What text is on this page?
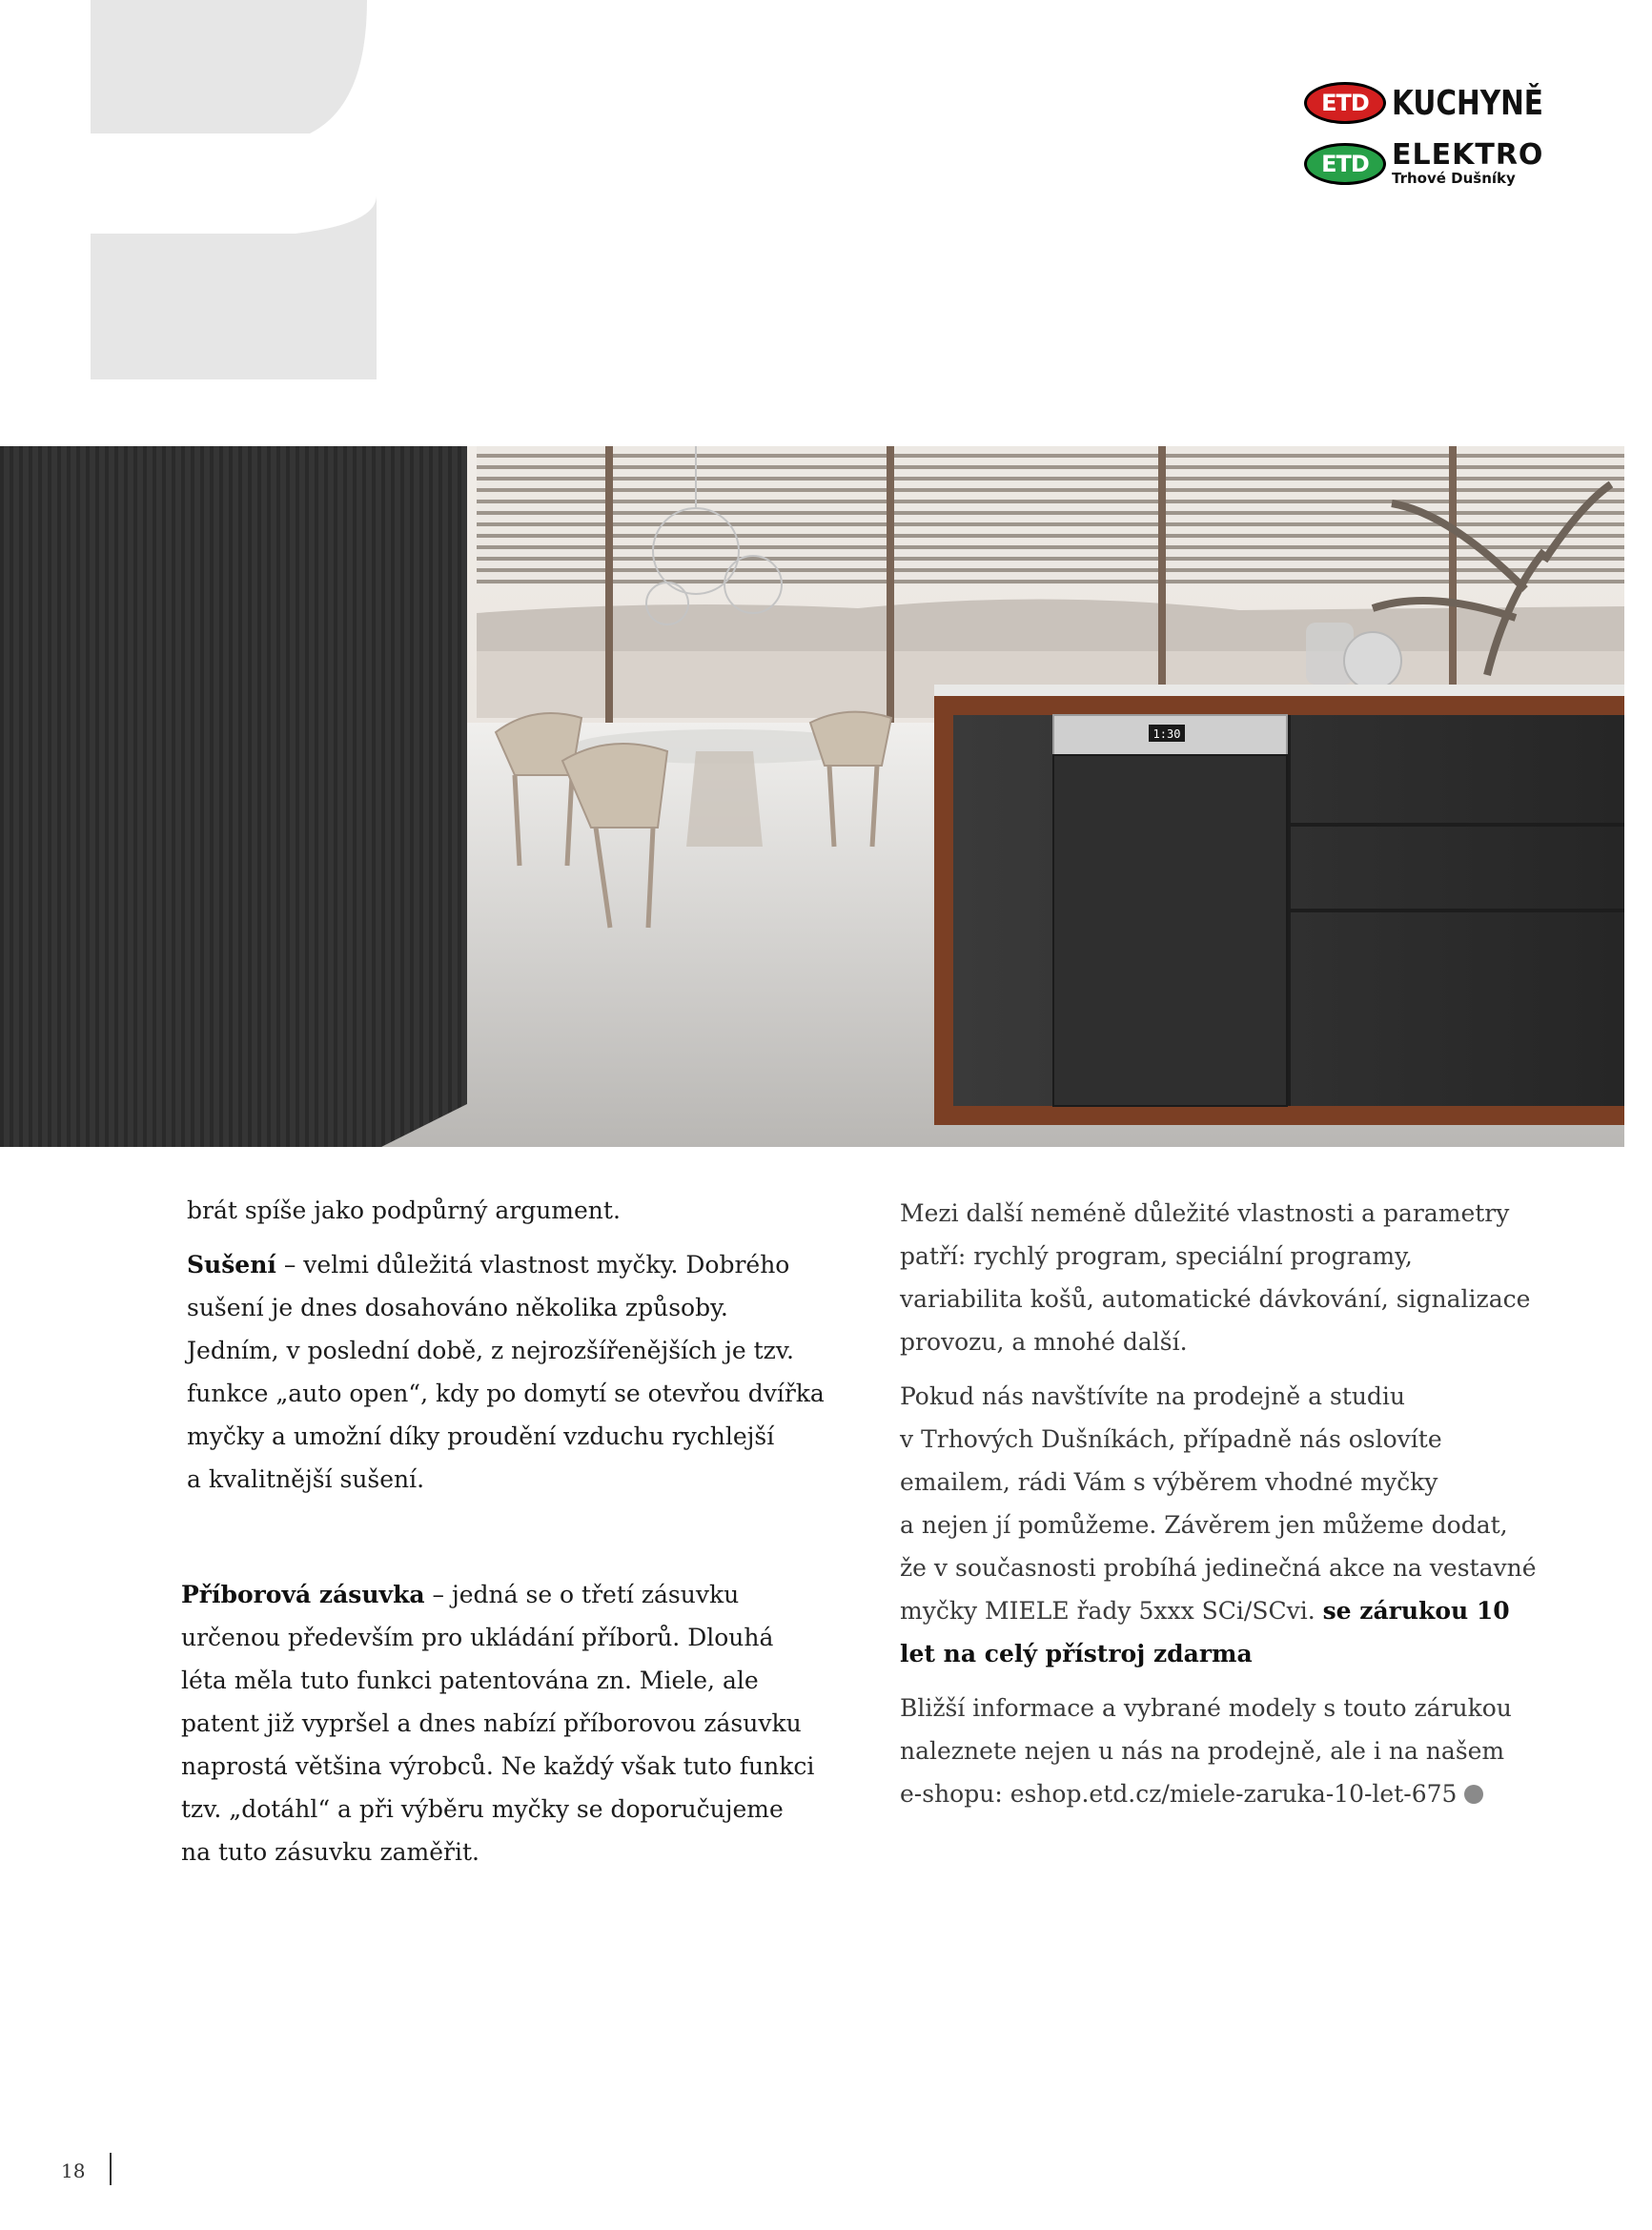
ETD KUCHYNĚ
ETD ELEKTRO
Trhové Dušníky
1:30

brát spíše jako podpůrný argument.

Sušení – velmi důležitá vlastnost myčky. Dobrého
sušení je dnes dosahováno několika způsoby.
Jedním, v poslední době, z nejrozšířenějších je tzv.
funkce „auto open“, kdy po domytí se otevřou dvířka
myčky a umožní díky proudění vzduchu rychlejší
a kvalitnější sušení.

Příborová zásuvka – jedná se o třetí zásuvku
určenou především pro ukládání příborů. Dlouhá
léta měla tuto funkci patentována zn. Miele, ale
patent již vypršel a dnes nabízí příborovou zásuvku
naprostá většina výrobců. Ne každý však tuto funkci
tzv. „dotáhl“ a při výběru myčky se doporučujeme
na tuto zásuvku zaměřit.

Mezi další neméně důležité vlastnosti a parametry
patří: rychlý program, speciální programy,
variabilita košů, automatické dávkování, signalizace
provozu, a mnohé další.

Pokud nás navštívíte na prodejně a studiu
v Trhových Dušníkách, případně nás oslovíte
emailem, rádi Vám s výběrem vhodné myčky
a nejen jí pomůžeme. Závěrem jen můžeme dodat,
že v současnosti probíhá jedinečná akce na vestavné
myčky MIELE řady 5xxx SCi/SCvi. se zárukou 10
let na celý přístroj zdarma

Bližší informace a vybrané modely s touto zárukou
naleznete nejen u nás na prodejně, ale i na našem
e-shopu: eshop.etd.cz/miele-zaruka-10-let-675

18
